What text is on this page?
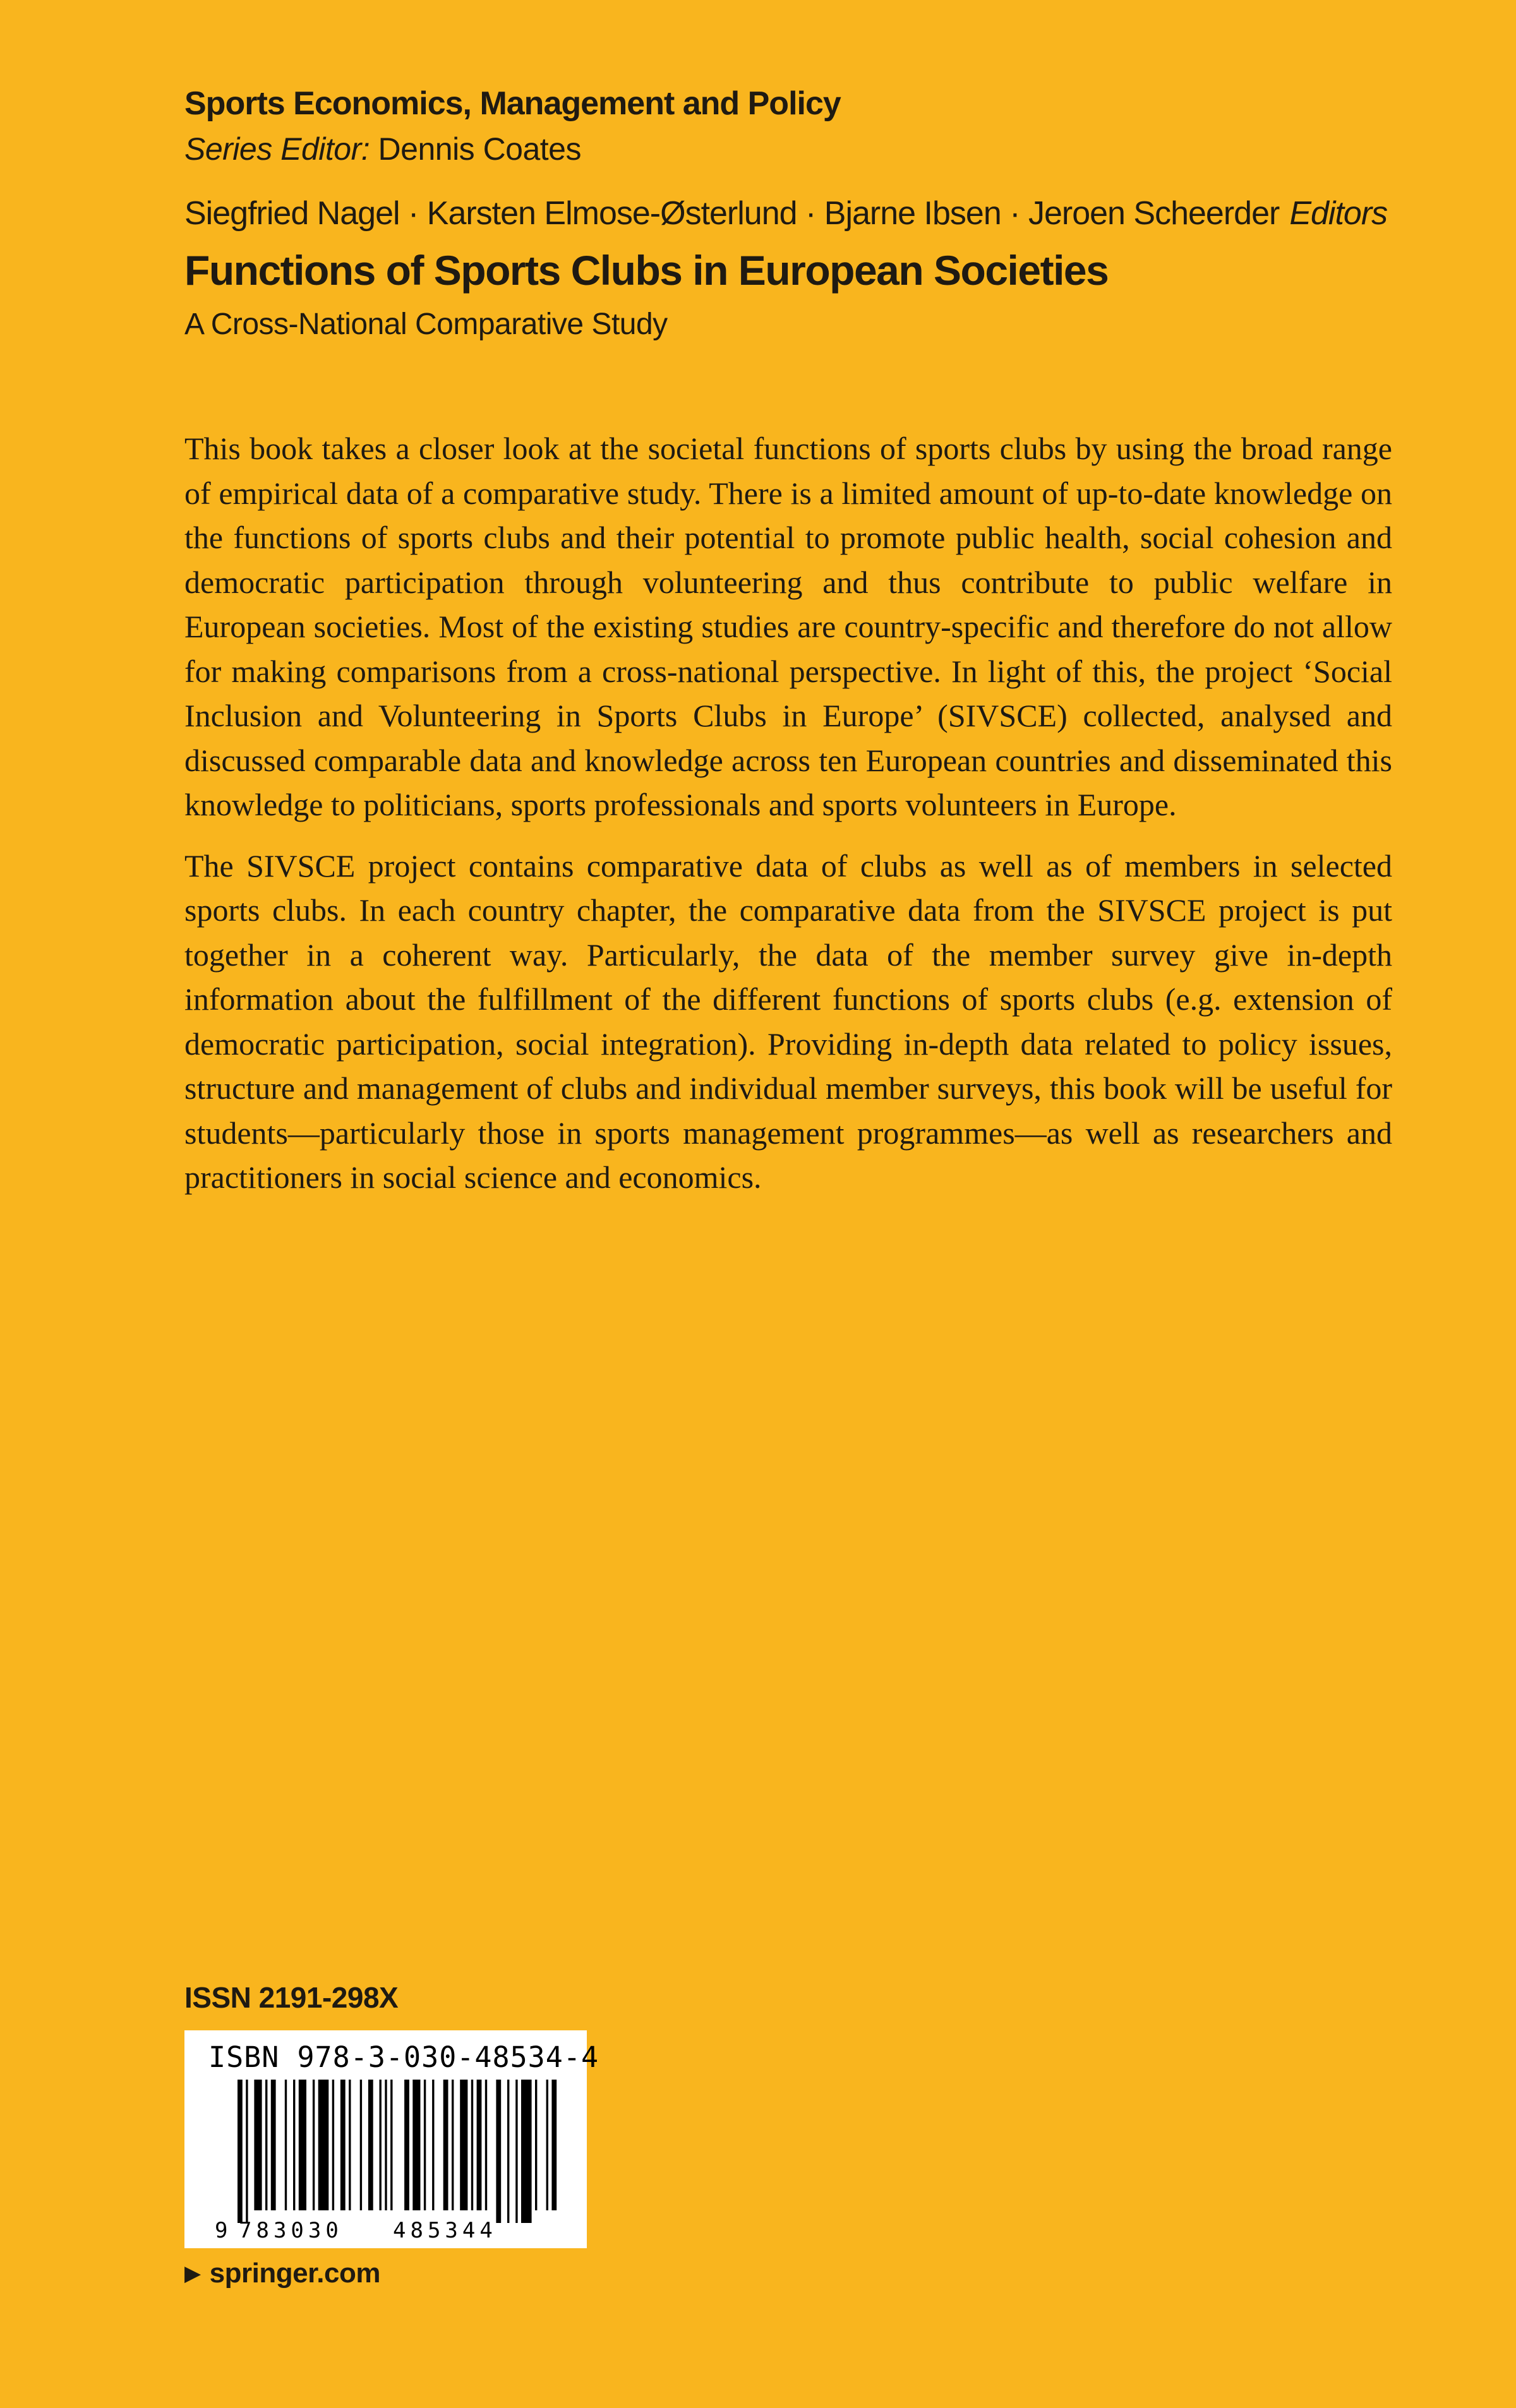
Sports Economics, Management and Policy
Series Editor: Dennis Coates
Siegfried Nagel · Karsten Elmose-Østerlund · Bjarne Ibsen · Jeroen Scheerder Editors
Functions of Sports Clubs in European Societies
A Cross-National Comparative Study

This book takes a closer look at the societal functions of sports clubs by using the broad range of empirical data of a comparative study. There is a limited amount of up-to-date knowledge on the functions of sports clubs and their potential to promote public health, social cohesion and democratic participation through volunteering and thus contribute to public welfare in European societies. Most of the existing studies are country-specific and therefore do not allow for making comparisons from a cross-national perspective. In light of this, the project ‘Social Inclusion and Volunteering in Sports Clubs in Europe’ (SIVSCE) collected, analysed and discussed comparable data and knowledge across ten European countries and disseminated this knowledge to politicians, sports professionals and sports volunteers in Europe.

The SIVSCE project contains comparative data of clubs as well as of members in selected sports clubs. In each country chapter, the comparative data from the SIVSCE project is put together in a coherent way. Particularly, the data of the member survey give in-depth information about the fulfillment of the different functions of sports clubs (e.g. extension of democratic participation, social integration). Providing in-depth data related to policy issues, structure and management of clubs and individual member surveys, this book will be useful for students—particularly those in sports management programmes—as well as researchers and practitioners in social science and economics.

ISSN 2191-298X
ISBN 978-3-030-48534-4
9 783030 485344
▶ springer.com
